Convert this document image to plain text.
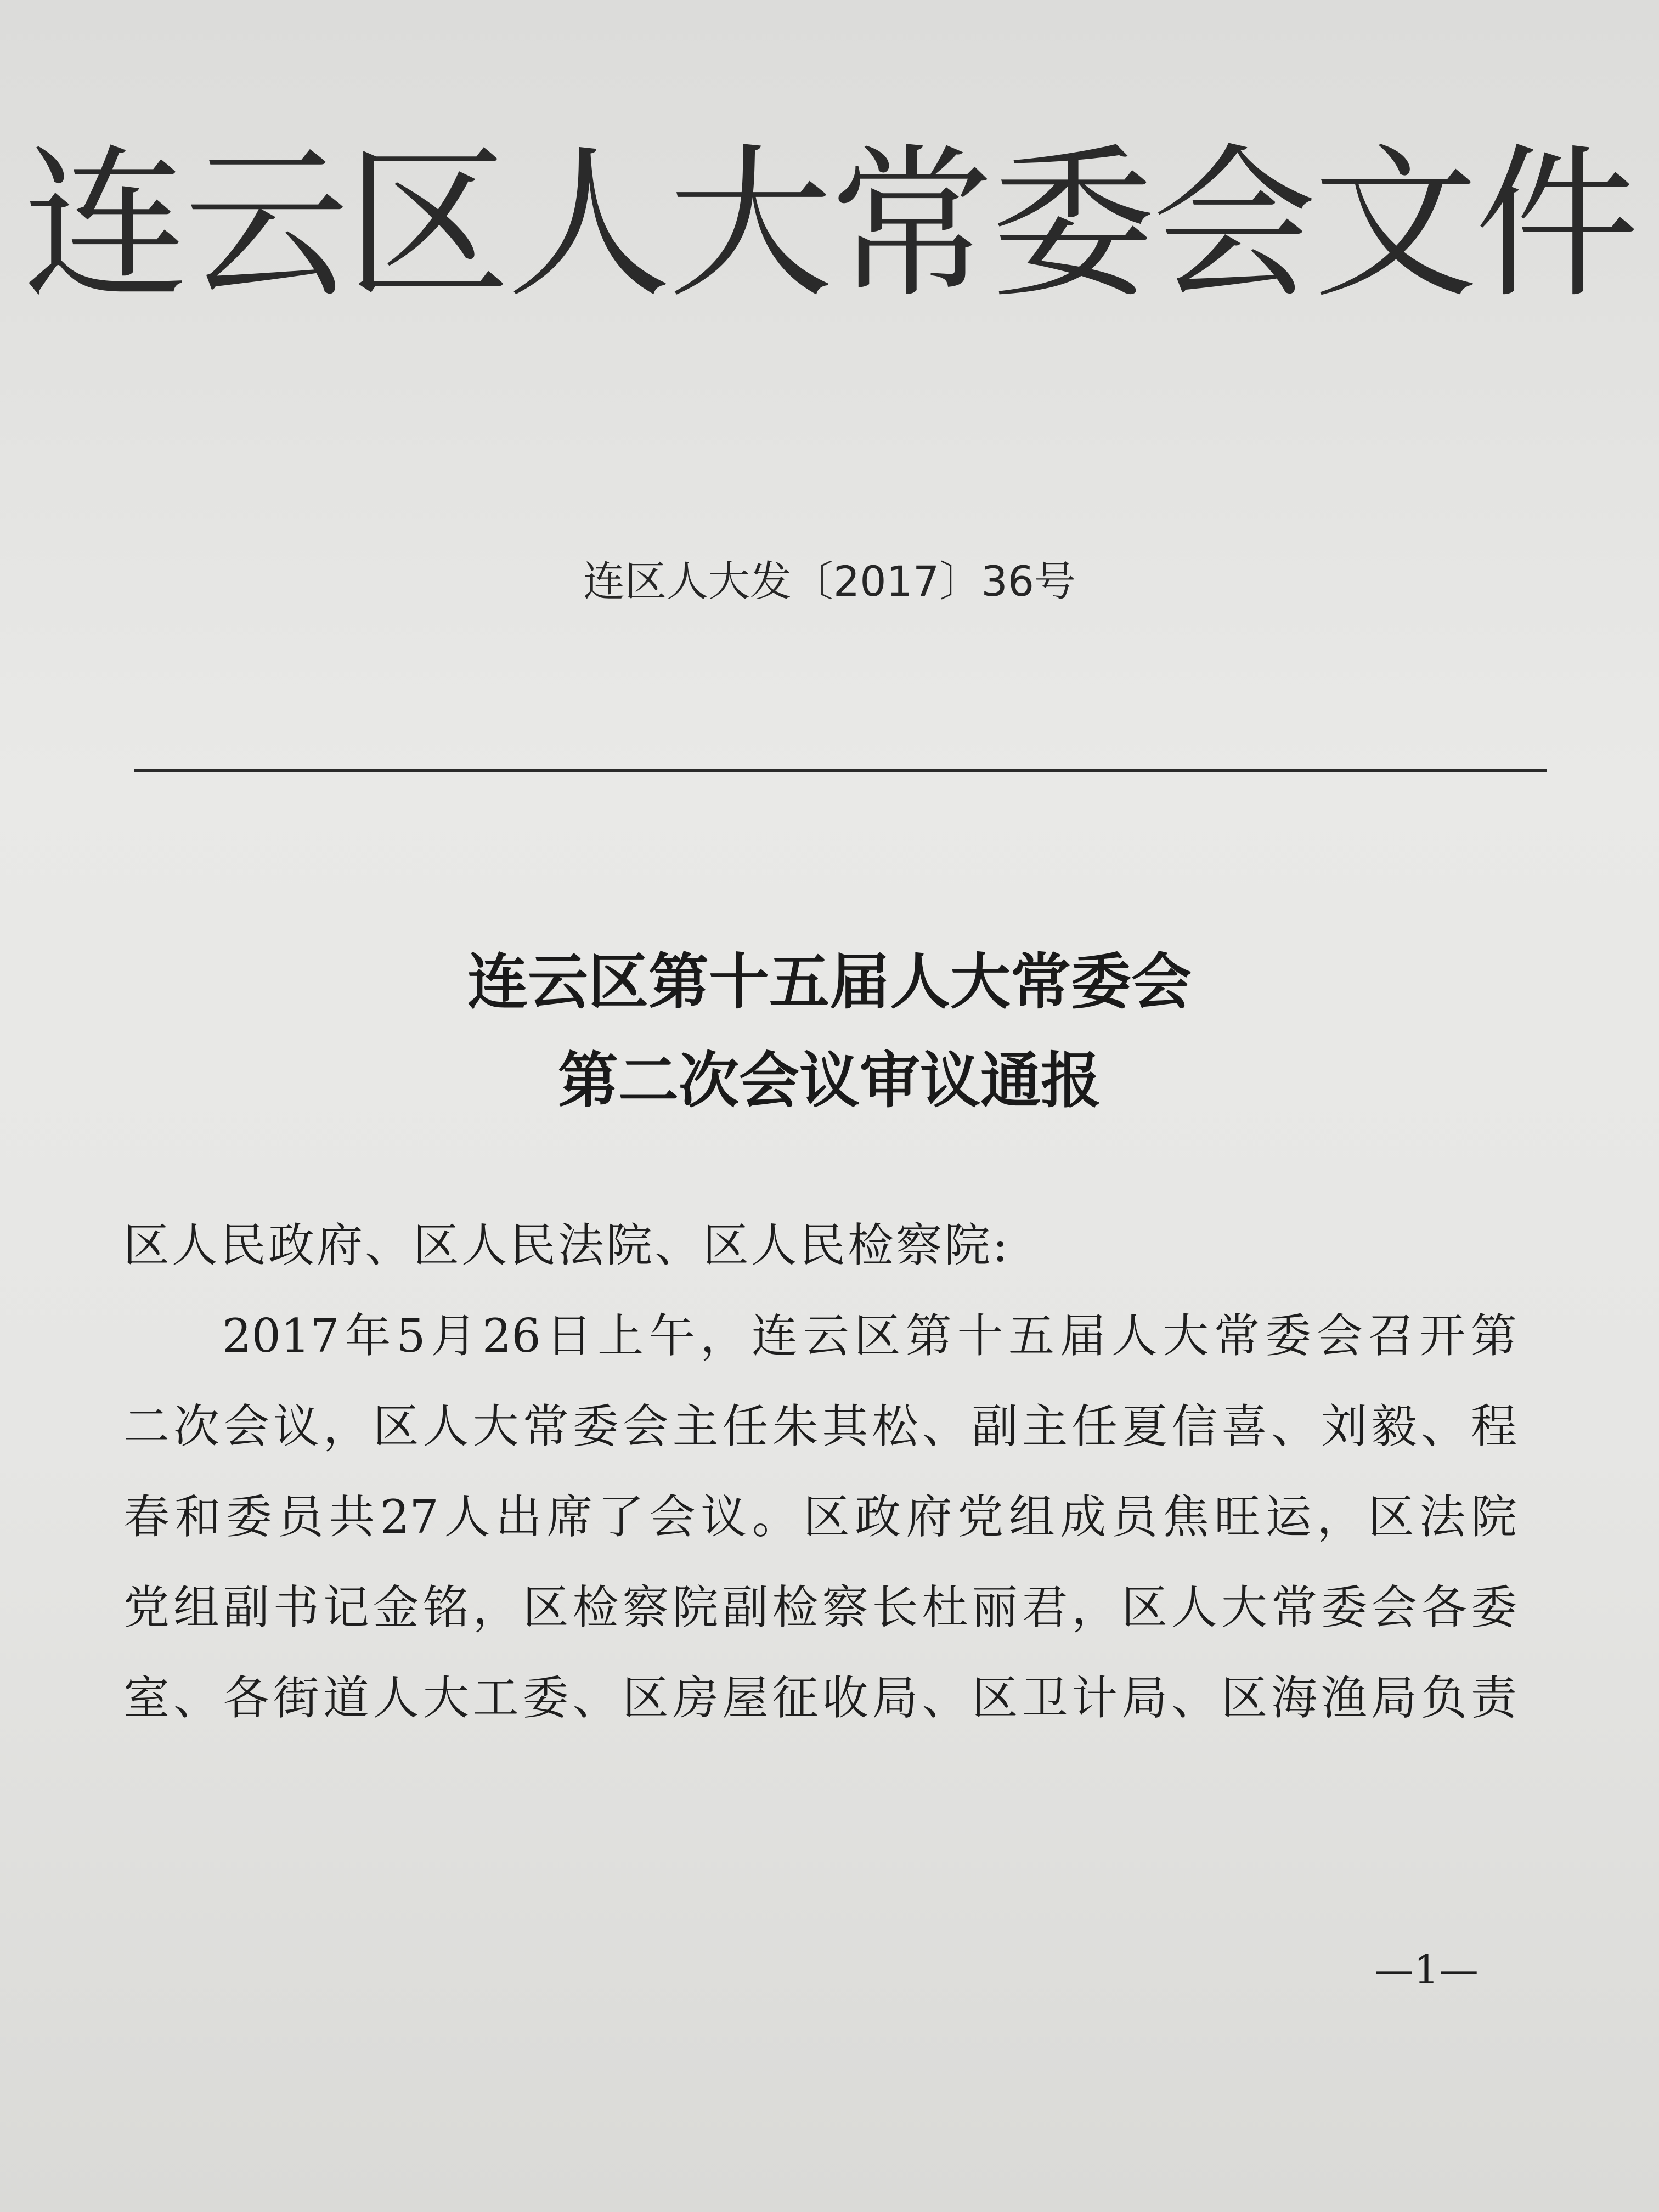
连云区人大常委会文件
连区人大发〔2017〕36号
连云区第十五届人大常委会
第二次会议审议通报
区人民政府、区人民法院、区人民检察院:
2017年5月26日上午，连云区第十五届人大常委会召开第
二次会议，区人大常委会主任朱其松、副主任夏信喜、刘毅、程
春和委员共27人出席了会议。区政府党组成员焦旺运，区法院
党组副书记金铭，区检察院副检察长杜丽君，区人大常委会各委
室、各街道人大工委、区房屋征收局、区卫计局、区海渔局负责
—1—
